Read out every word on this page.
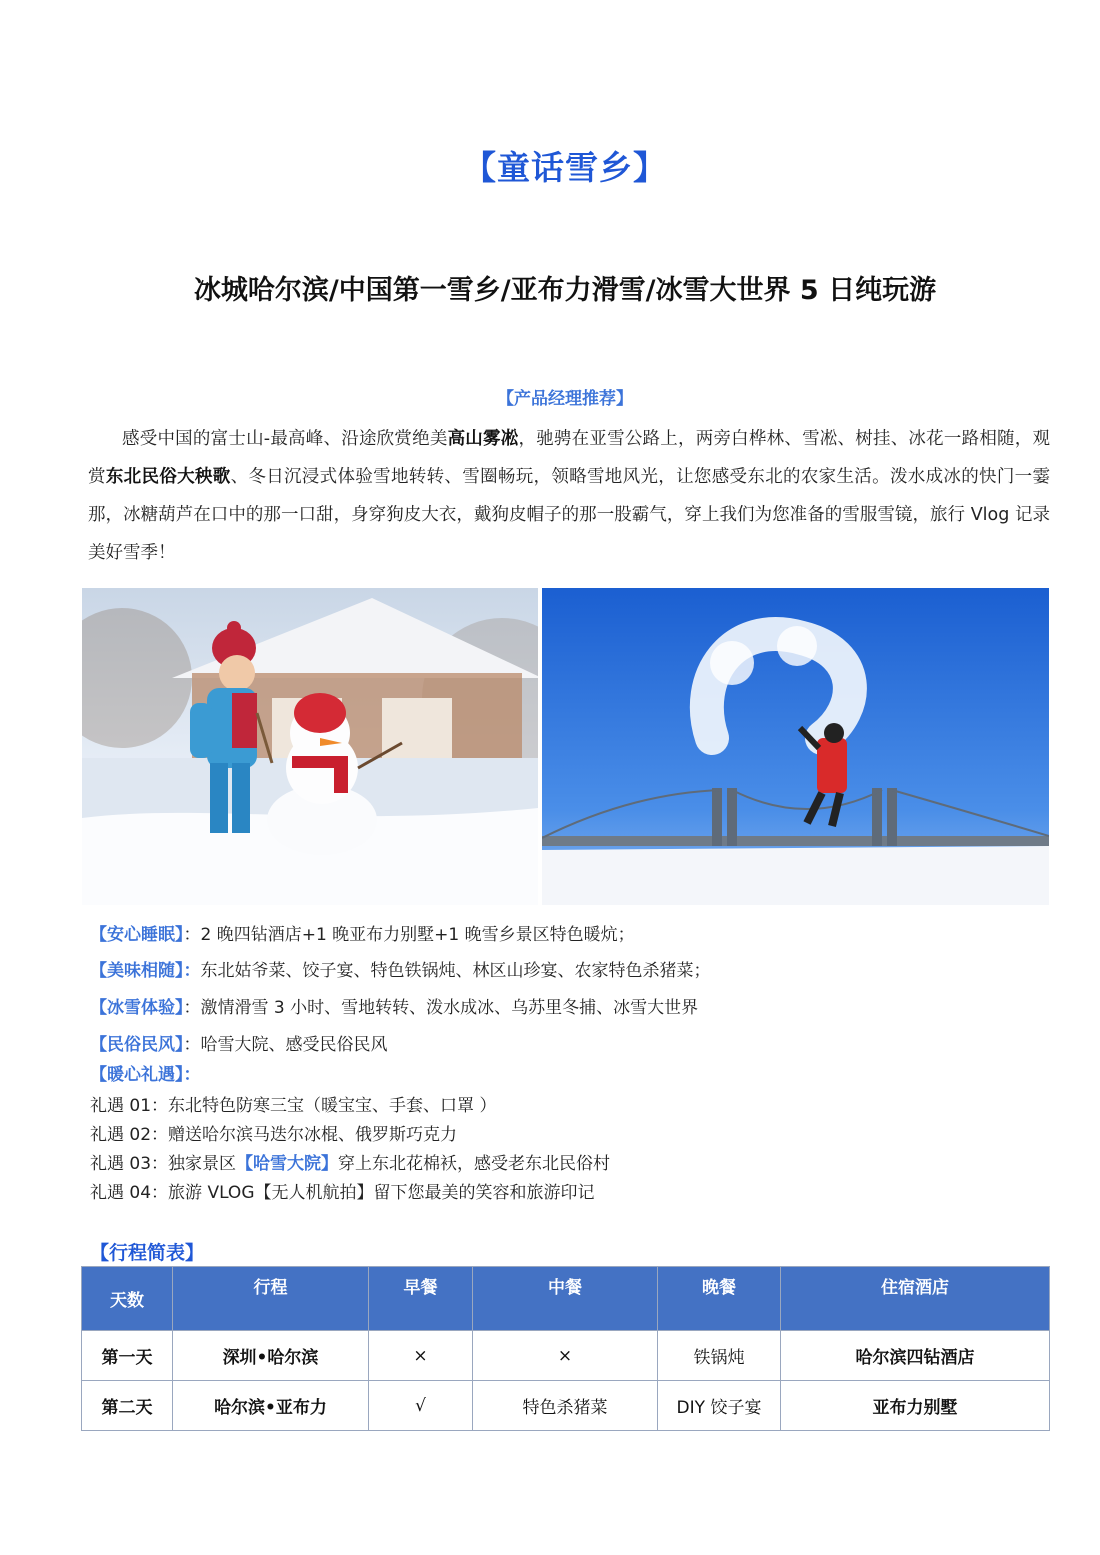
【童话雪乡】
冰城哈尔滨/中国第一雪乡/亚布力滑雪/冰雪大世界 5 日纯玩游
【产品经理推荐】
感受中国的富士山-最高峰、沿途欣赏绝美高山雾凇，驰骋在亚雪公路上，两旁白桦林、雪凇、树挂、冰花一路相随，观赏东北民俗大秧歌、冬日沉浸式体验雪地转转、雪圈畅玩，领略雪地风光，让您感受东北的农家生活。泼水成冰的快门一霎那，冰糖葫芦在口中的那一口甜，身穿狗皮大衣，戴狗皮帽子的那一股霸气，穿上我们为您准备的雪服雪镜，旅行 Vlog 记录美好雪季！
【安心睡眠】：2 晚四钻酒店+1 晚亚布力别墅+1 晚雪乡景区特色暖炕；
【美味相随】：东北姑爷菜、饺子宴、特色铁锅炖、林区山珍宴、农家特色杀猪菜；
【冰雪体验】：激情滑雪 3 小时、雪地转转、泼水成冰、乌苏里冬捕、冰雪大世界
【民俗民风】：哈雪大院、感受民俗民风
【暖心礼遇】：
礼遇 01：东北特色防寒三宝（暖宝宝、手套、口罩 ）
礼遇 02：赠送哈尔滨马迭尔冰棍、俄罗斯巧克力
礼遇 03：独家景区【哈雪大院】穿上东北花棉袄，感受老东北民俗村
礼遇 04：旅游 VLOG【无人机航拍】留下您最美的笑容和旅游印记
【行程简表】
天数	行程	早餐	中餐	晚餐	住宿酒店
第一天	深圳•哈尔滨	×	×	铁锅炖	哈尔滨四钻酒店
第二天	哈尔滨•亚布力	√	特色杀猪菜	DIY 饺子宴	亚布力别墅
